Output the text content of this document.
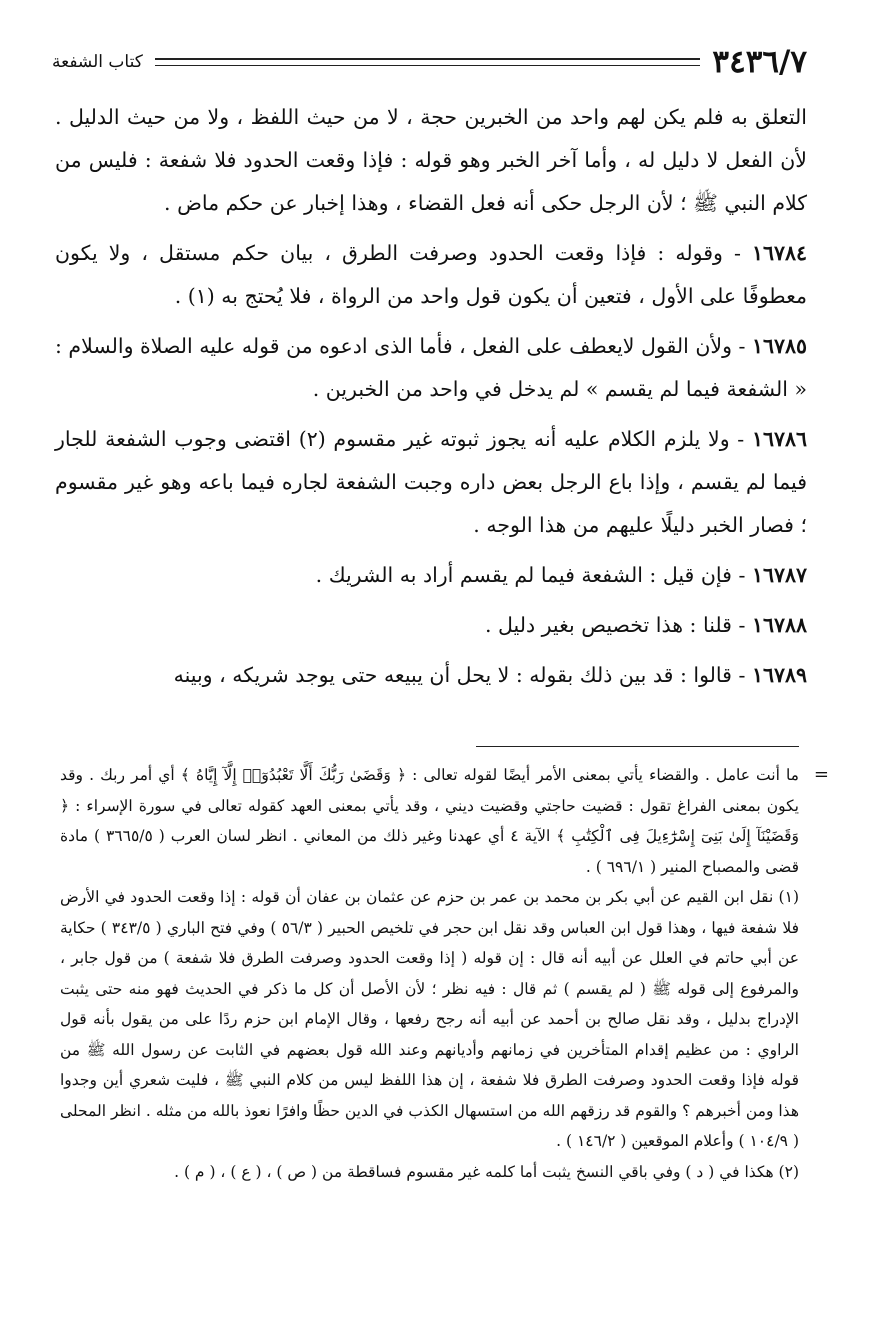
٣٤٣٦/٧
كتاب الشفعة

التعلق به فلم يكن لهم واحد من الخبرين حجة ، لا من حيث اللفظ ، ولا من حيث الدليل . لأن الفعل لا دليل له ، وأما آخر الخبر وهو قوله : فإذا وقعت الحدود فلا شفعة : فليس من كلام النبي ﷺ ؛ لأن الرجل حكى أنه فعل القضاء ، وهذا إخبار عن حكم ماض .

١٦٧٨٤ - وقوله : فإذا وقعت الحدود وصرفت الطرق ، بيان حكم مستقل ، ولا يكون معطوفًا على الأول ، فتعين أن يكون قول واحد من الرواة ، فلا يُحتج به (١) .

١٦٧٨٥ - ولأن القول لايعطف على الفعل ، فأما الذى ادعوه من قوله عليه الصلاة والسلام : « الشفعة فيما لم يقسم » لم يدخل في واحد من الخبرين .

١٦٧٨٦ - ولا يلزم الكلام عليه أنه يجوز ثبوته غير مقسوم (٢) اقتضى وجوب الشفعة للجار فيما لم يقسم ، وإذا باع الرجل بعض داره وجبت الشفعة لجاره فيما باعه وهو غير مقسوم ؛ فصار الخبر دليلًا عليهم من هذا الوجه .

١٦٧٨٧ - فإن قيل : الشفعة فيما لم يقسم أراد به الشريك .

١٦٧٨٨ - قلنا : هذا تخصيص بغير دليل .

١٦٧٨٩ - قالوا : قد بين ذلك بقوله : لا يحل أن يبيعه حتى يوجد شريكه ، وبينه

=
ما أنت عامل . والقضاء يأتي بمعنى الأمر أيضًا لقوله تعالى : ﴿ وَقَضَىٰ رَبُّكَ أَلَّا تَعْبُدُوٓا۟ إِلَّآ إِيَّاهُ ﴾ أي أمر ربك . وقد يكون بمعنى الفراغ تقول : قضيت حاجتي وقضيت ديني ، وقد يأتي بمعنى العهد كقوله تعالى في سورة الإسراء : ﴿ وَقَضَيْنَآ إِلَىٰ بَنِىٓ إِسْرَٰٓءِيلَ فِى ٱلْكِتَٰبِ ﴾ الآية ٤ أي عهدنا وغير ذلك من المعاني . انظر لسان العرب ( ٣٦٦٥/٥ ) مادة قضى والمصباح المنير ( ٦٩٦/١ ) .

(١) نقل ابن القيم عن أبي بكر بن محمد بن عمر بن حزم عن عثمان بن عفان أن قوله : إذا وقعت الحدود في الأرض فلا شفعة فيها ، وهذا قول ابن العباس وقد نقل ابن حجر في تلخيص الحبير ( ٥٦/٣ ) وفي فتح الباري ( ٣٤٣/٥ ) حكاية عن أبي حاتم في العلل عن أبيه أنه قال : إن قوله ( إذا وقعت الحدود وصرفت الطرق فلا شفعة ) من قول جابر ، والمرفوع إلى قوله ﷺ ( لم يقسم ) ثم قال : فيه نظر ؛ لأن الأصل أن كل ما ذكر في الحديث فهو منه حتى يثبت الإدراج بدليل ، وقد نقل صالح بن أحمد عن أبيه أنه رجح رفعها ، وقال الإمام ابن حزم ردًا على من يقول بأنه قول الراوي : من عظيم إقدام المتأخرين في زمانهم وأديانهم وعند الله قول بعضهم في الثابت عن رسول الله ﷺ من قوله فإذا وقعت الحدود وصرفت الطرق فلا شفعة ، إن هذا اللفظ ليس من كلام النبي ﷺ ، فليت شعري أين وجدوا هذا ومن أخبرهم ؟ والقوم قد رزقهم الله من استسهال الكذب في الدين حظًا وافرًا نعوذ بالله من مثله . انظر المحلى ( ١٠٤/٩ ) وأعلام الموقعين ( ١٤٦/٢ ) .

(٢) هكذا في ( د ) وفي باقي النسخ يثبت أما كلمه غير مقسوم فساقطة من ( ص ) ، ( ع ) ، ( م ) .
